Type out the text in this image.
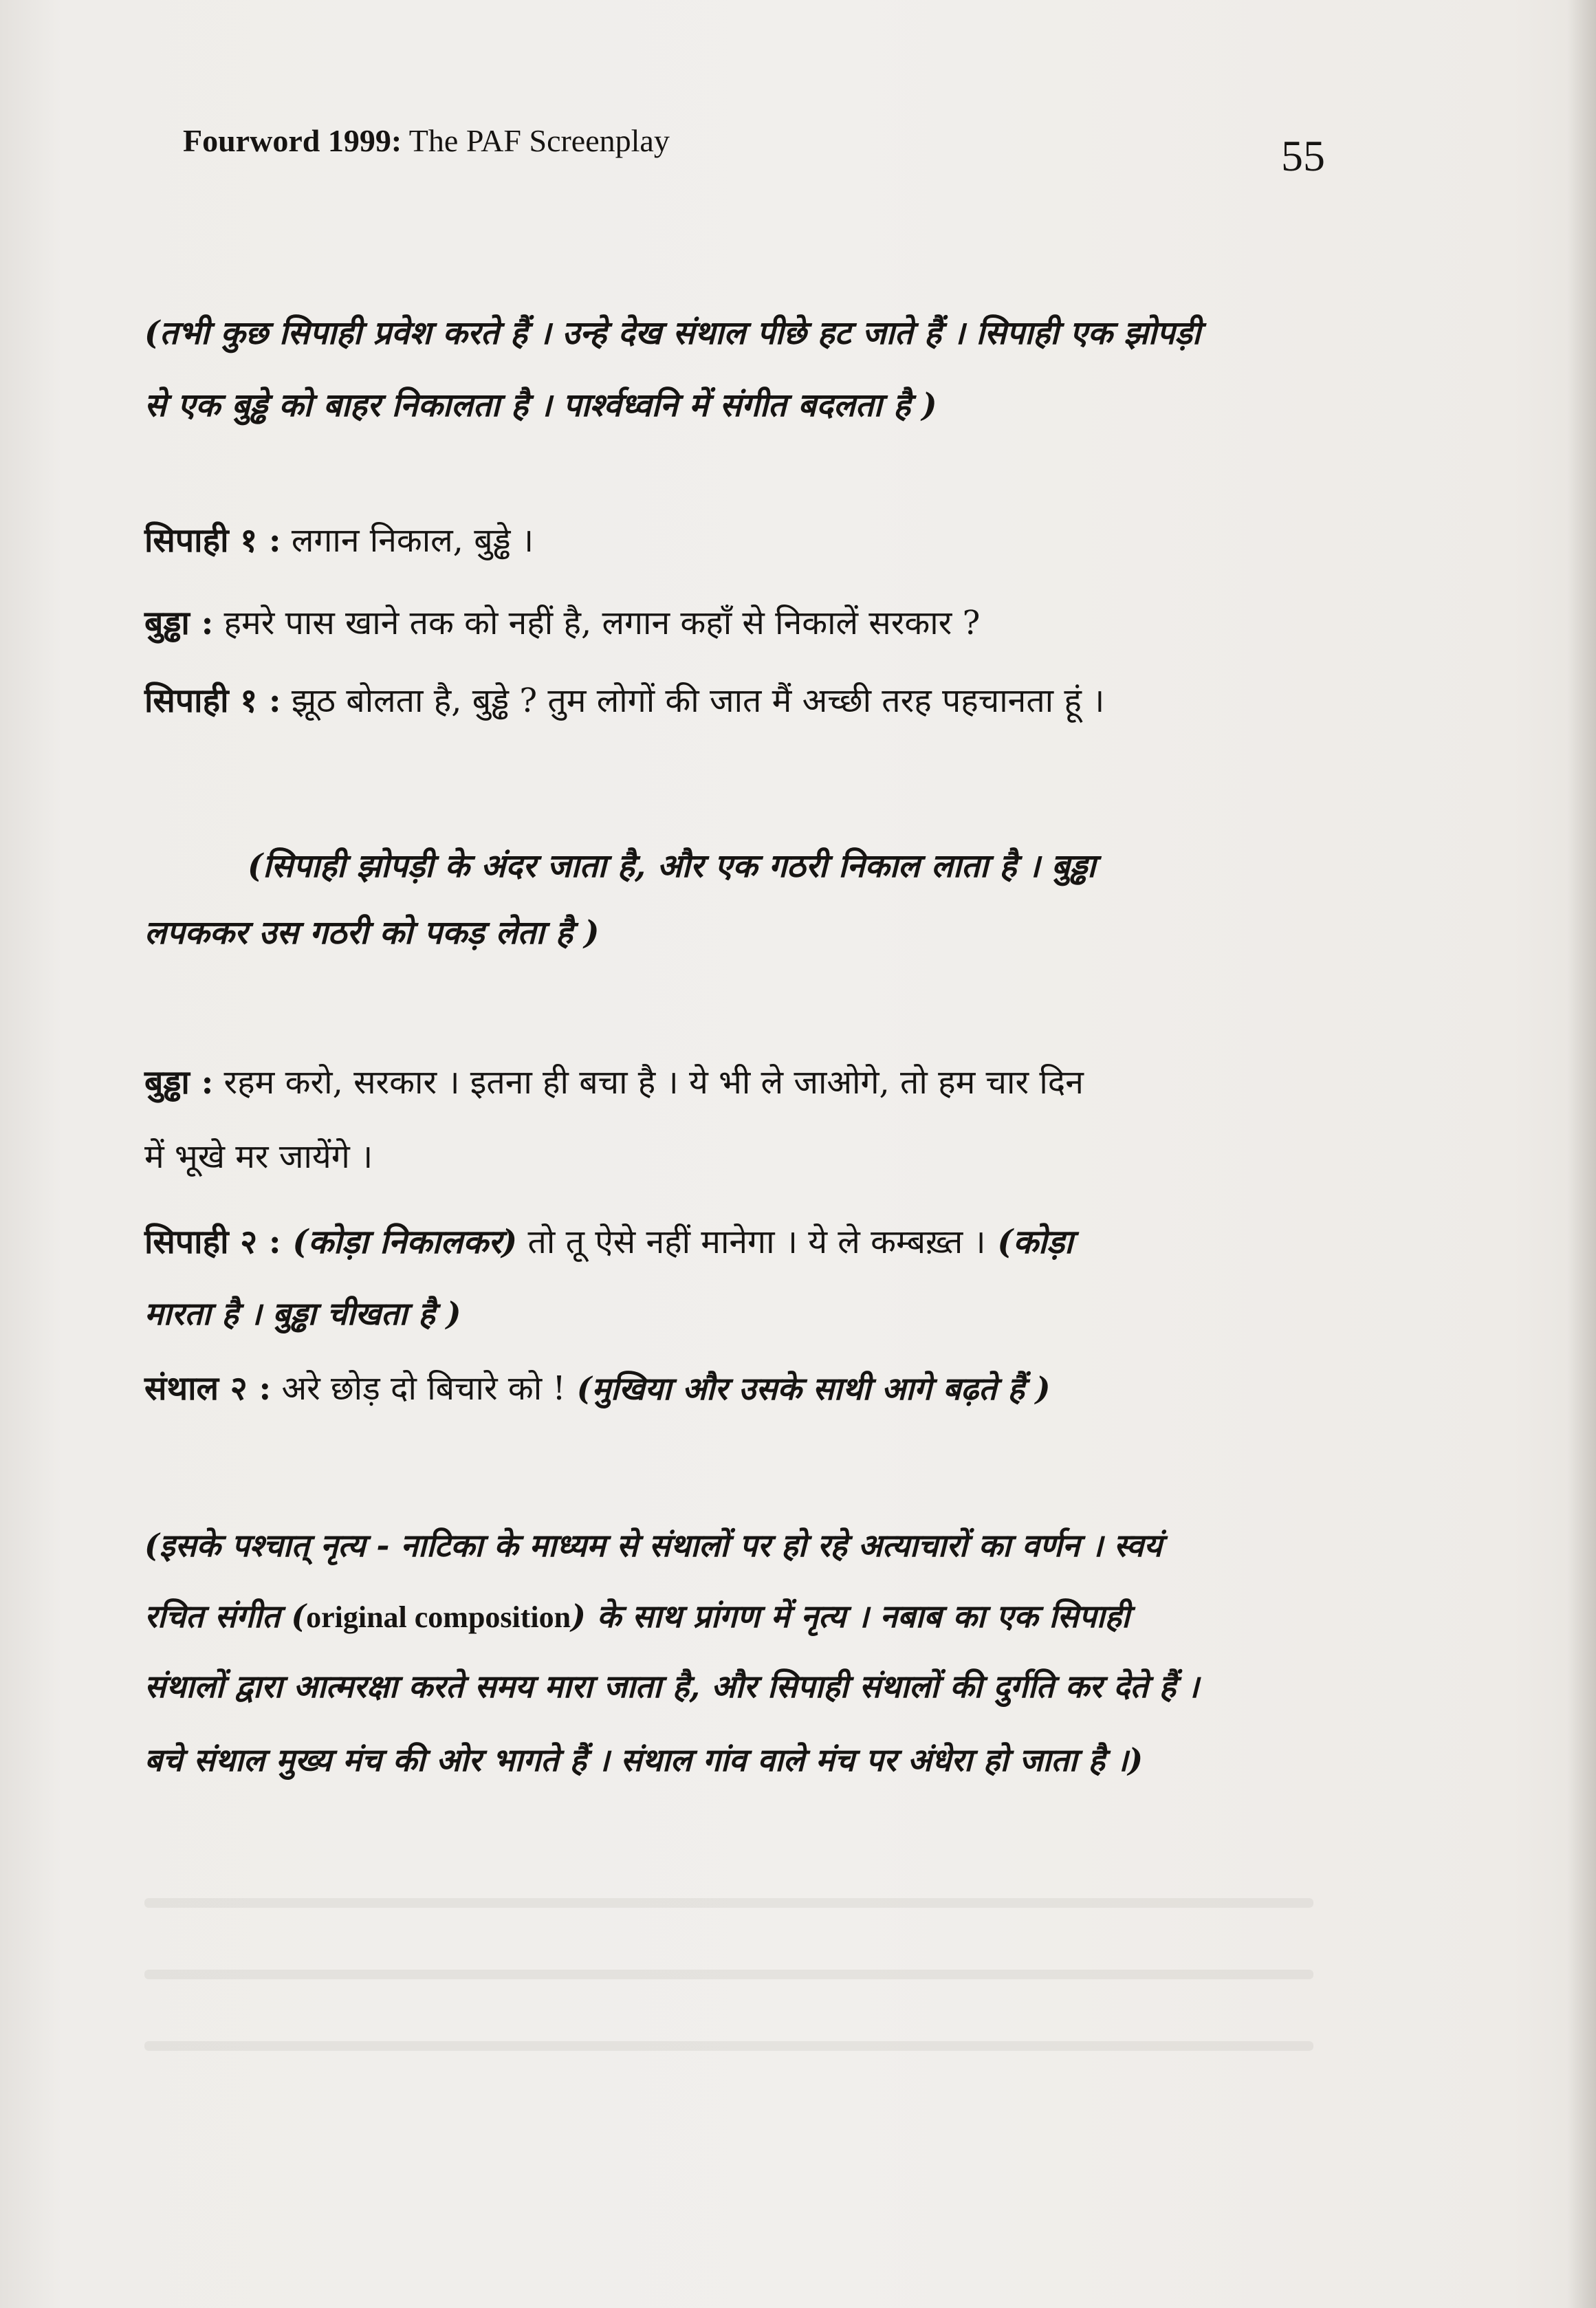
Fourword 1999: The PAF Screenplay	55
(तभी कुछ सिपाही प्रवेश करते हैं । उन्हे देख संथाल पीछे हट जाते हैं । सिपाही एक झोपड़ी
से एक बुड्ढे को बाहर निकालता है । पार्श्वध्वनि में संगीत बदलता है )
सिपाही १ : लगान निकाल, बुड्ढे ।
बुड्ढा : हमरे पास खाने तक को नहीं है, लगान कहाँ से निकालें सरकार ?
सिपाही १ : झूठ बोलता है, बुड्ढे ? तुम लोगों की जात मैं अच्छी तरह पहचानता हूं ।
(सिपाही झोपड़ी के अंदर जाता है, और एक गठरी निकाल लाता है । बुड्ढा
लपककर उस गठरी को पकड़ लेता है )
बुड्ढा : रहम करो, सरकार । इतना ही बचा है । ये भी ले जाओगे, तो हम चार दिन
में भूखे मर जायेंगे ।
सिपाही २ : (कोड़ा निकालकर) तो तू ऐसे नहीं मानेगा । ये ले कम्बख़्त । (कोड़ा
मारता है । बुड्ढा चीखता है )
संथाल २ : अरे छोड़ दो बिचारे को ! (मुखिया और उसके साथी आगे बढ़ते हैं )
(इसके पश्चात् नृत्य - नाटिका के माध्यम से संथालों पर हो रहे अत्याचारों का वर्णन । स्वयं
रचित संगीत (original composition) के साथ प्रांगण में नृत्य । नबाब का एक सिपाही
संथालों द्वारा आत्मरक्षा करते समय मारा जाता है, और सिपाही संथालों की दुर्गति कर देते हैं ।
बचे संथाल मुख्य मंच की ओर भागते हैं । संथाल गांव वाले मंच पर अंधेरा हो जाता है ।)
